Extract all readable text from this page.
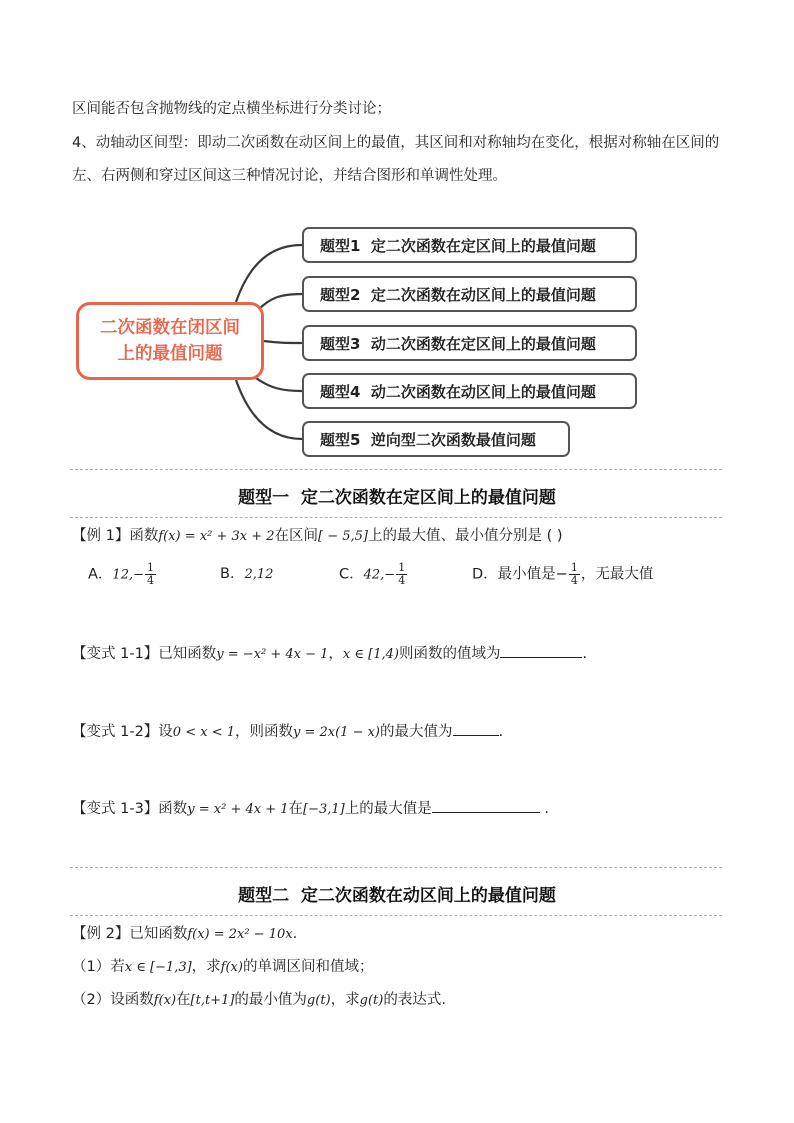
区间能否包含抛物线的定点横坐标进行分类讨论；
4、动轴动区间型：即动二次函数在动区间上的最值，其区间和对称轴均在变化，根据对称轴在区间的左、右两侧和穿过区间这三种情况讨论，并结合图形和单调性处理。
二次函数在闭区间
上的最值问题
题型1  定二次函数在定区间上的最值问题
题型2  定二次函数在动区间上的最值问题
题型3  动二次函数在定区间上的最值问题
题型4  动二次函数在动区间上的最值问题
题型5  逆向型二次函数最值问题
题型一  定二次函数在定区间上的最值问题
【例 1】函数f(x) = x² + 3x + 2在区间[ − 5,5]上的最大值、最小值分别是 ( )
A．$12,- \frac{1}{4}$	B．2,12	C．$42,- \frac{1}{4}$	D．最小值是− $\frac{1}{4}$ ，无最大值
【变式 1-1】已知函数y = −x² + 4x − 1，x ∈ [1,4)则函数的值域为	.
【变式 1-2】设0 < x < 1，则函数y = 2x(1 − x)的最大值为	.
【变式 1-3】函数y = x² + 4x + 1在[−3,1]上的最大值是	.
题型二  定二次函数在动区间上的最值问题
【例 2】已知函数f(x) = 2x² − 10x.
（1）若x ∈ [−1,3]，求f(x)的单调区间和值域；
（2）设函数f(x)在[t,t+1]的最小值为g(t)，求g(t)的表达式.
